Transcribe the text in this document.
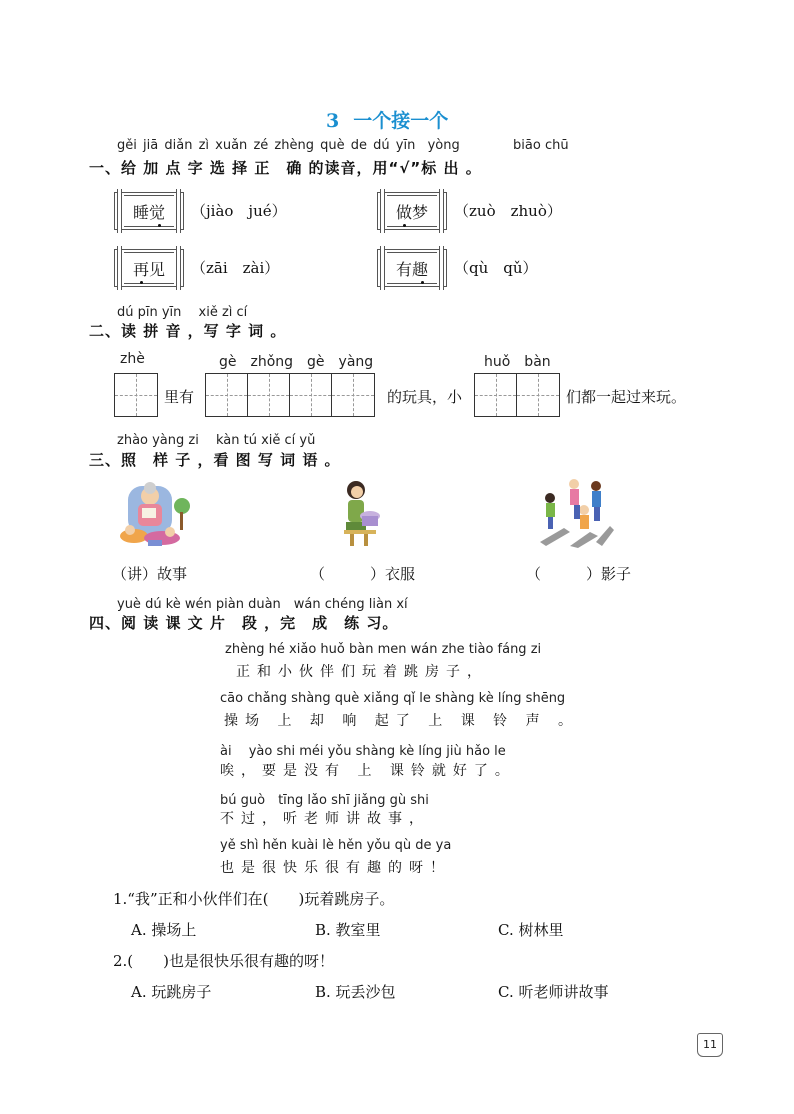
3 一个接一个
gěi jiā diǎn zì xuǎn zé zhèng què de dú yīn yòng	biāo chū
一、给 加 点 字 选 择 正　确 的读音，用“√”标 出 。
睡觉	（jiào　jué）	做梦	（zuò　zhuò）
再见	（zāi　zài）	有趣	（qù　qǔ）
dú pīn yīn　 xiě zì cí
二、读 拼 音 ，写 字 词 。
zhè	gè　zhǒng　gè　yàng	huǒ　bàn
里有	的玩具，小	们都一起过来玩。
zhào yàng zi　 kàn tú xiě cí yǔ
三、照　样 子 ，看 图 写 词 语 。
（讲）故事	（　　　）衣服	（　　　）影子
yuè dú kè wén piàn duàn　wán chéng liàn xí
四、阅 读 课 文 片　段 ，完　成　练 习。
zhèng hé xiǎo huǒ bàn men wán zhe tiào fáng zi
正和小伙伴们玩着跳房子，
cāo chǎng shàng què xiǎng qǐ le shàng kè líng shēng
操场 上 却 响 起了 上 课 铃 声 。
ài　 yào shi méi yǒu shàng kè líng jiù hǎo le
唉，要是没有 上 课铃就好了。
bú guò　tīng lǎo shī jiǎng gù shi
不过，听老师讲故事，
yě shì hěn kuài lè hěn yǒu qù de ya
也是很快乐很有趣的呀！
1.“我”正和小伙伴们在(　　)玩着跳房子。
A. 操场上	B. 教室里	C. 树林里
2.(　　)也是很快乐很有趣的呀！
A. 玩跳房子	B. 玩丢沙包	C. 听老师讲故事
11
